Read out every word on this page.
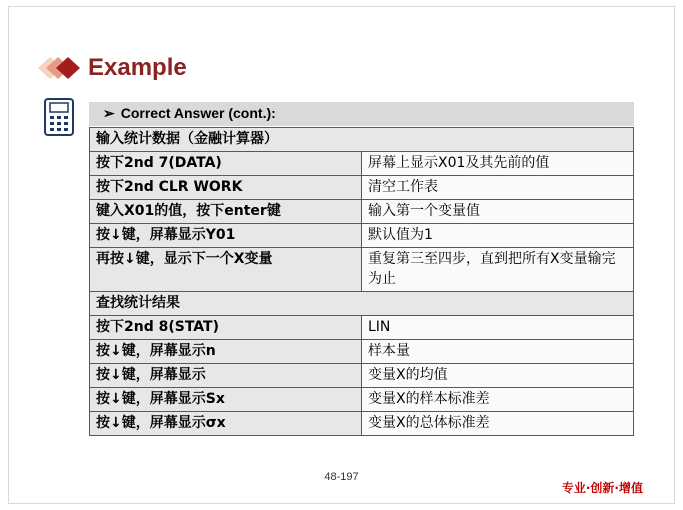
Example
➢ Correct Answer (cont.):
输入统计数据（金融计算器）	
按下2nd 7(DATA)	屏幕上显示X01及其先前的值
按下2nd CLR WORK	清空工作表
键入X01的值，按下enter键	输入第一个变量值
按↓键，屏幕显示Y01	默认值为1
再按↓键，显示下一个X变量	重复第三至四步，直到把所有X变量输完为止
查找统计结果	
按下2nd 8(STAT)	LIN
按↓键，屏幕显示n	样本量
按↓键，屏幕显示	变量X的均值
按↓键，屏幕显示Sx	变量X的样本标准差
按↓键，屏幕显示σx	变量X的总体标准差
48-197
专业·创新·增值
